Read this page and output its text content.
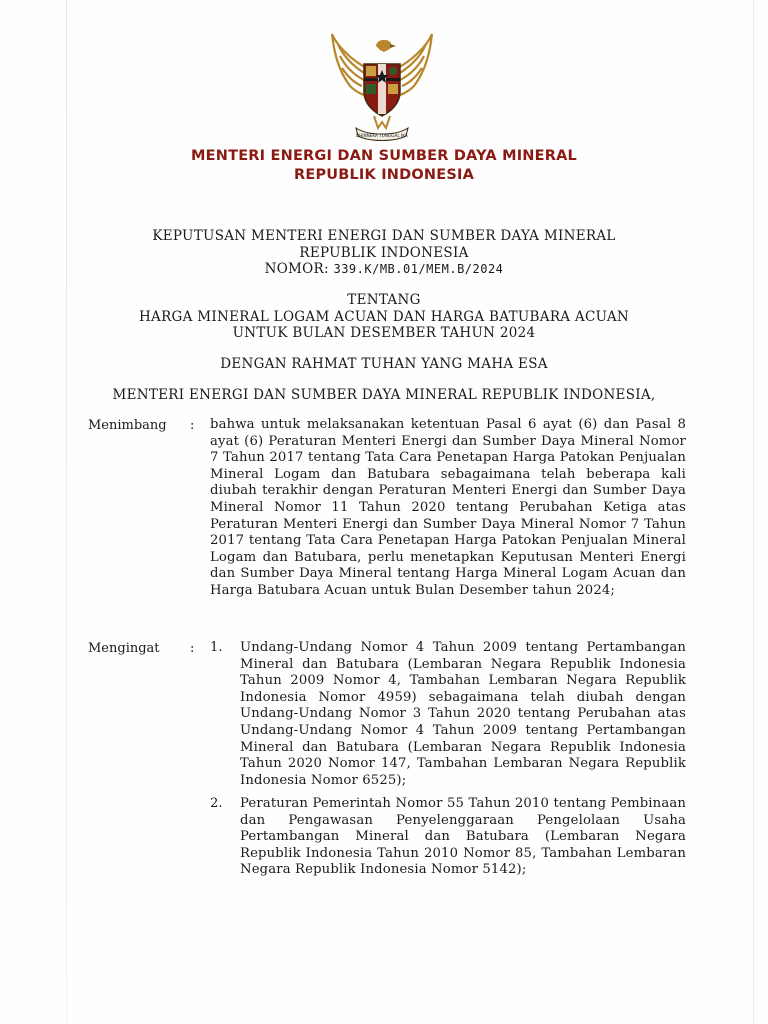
BHINNEKA TUNGGAL IKA
MENTERI ENERGI DAN SUMBER DAYA MINERAL
REPUBLIK INDONESIA
KEPUTUSAN MENTERI ENERGI DAN SUMBER DAYA MINERAL
REPUBLIK INDONESIA
NOMOR: 339.K/MB.01/MEM.B/2024
TENTANG
HARGA MINERAL LOGAM ACUAN DAN HARGA BATUBARA ACUAN
UNTUK BULAN DESEMBER TAHUN 2024
DENGAN RAHMAT TUHAN YANG MAHA ESA
MENTERI ENERGI DAN SUMBER DAYA MINERAL REPUBLIK INDONESIA,
Menimbang : bahwa untuk melaksanakan ketentuan Pasal 6 ayat (6) dan Pasal 8 ayat (6) Peraturan Menteri Energi dan Sumber Daya Mineral Nomor 7 Tahun 2017 tentang Tata Cara Penetapan Harga Patokan Penjualan Mineral Logam dan Batubara sebagaimana telah beberapa kali diubah terakhir dengan Peraturan Menteri Energi dan Sumber Daya Mineral Nomor 11 Tahun 2020 tentang Perubahan Ketiga atas Peraturan Menteri Energi dan Sumber Daya Mineral Nomor 7 Tahun 2017 tentang Tata Cara Penetapan Harga Patokan Penjualan Mineral Logam dan Batubara, perlu menetapkan Keputusan Menteri Energi dan Sumber Daya Mineral tentang Harga Mineral Logam Acuan dan Harga Batubara Acuan untuk Bulan Desember tahun 2024;
Mengingat : 1. Undang-Undang Nomor 4 Tahun 2009 tentang Pertambangan Mineral dan Batubara (Lembaran Negara Republik Indonesia Tahun 2009 Nomor 4, Tambahan Lembaran Negara Republik Indonesia Nomor 4959) sebagaimana telah diubah dengan Undang-Undang Nomor 3 Tahun 2020 tentang Perubahan atas Undang-Undang Nomor 4 Tahun 2009 tentang Pertambangan Mineral dan Batubara (Lembaran Negara Republik Indonesia Tahun 2020 Nomor 147, Tambahan Lembaran Negara Republik Indonesia Nomor 6525);
2. Peraturan Pemerintah Nomor 55 Tahun 2010 tentang Pembinaan dan Pengawasan Penyelenggaraan Pengelolaan Usaha Pertambangan Mineral dan Batubara (Lembaran Negara Republik Indonesia Tahun 2010 Nomor 85, Tambahan Lembaran Negara Republik Indonesia Nomor 5142);
